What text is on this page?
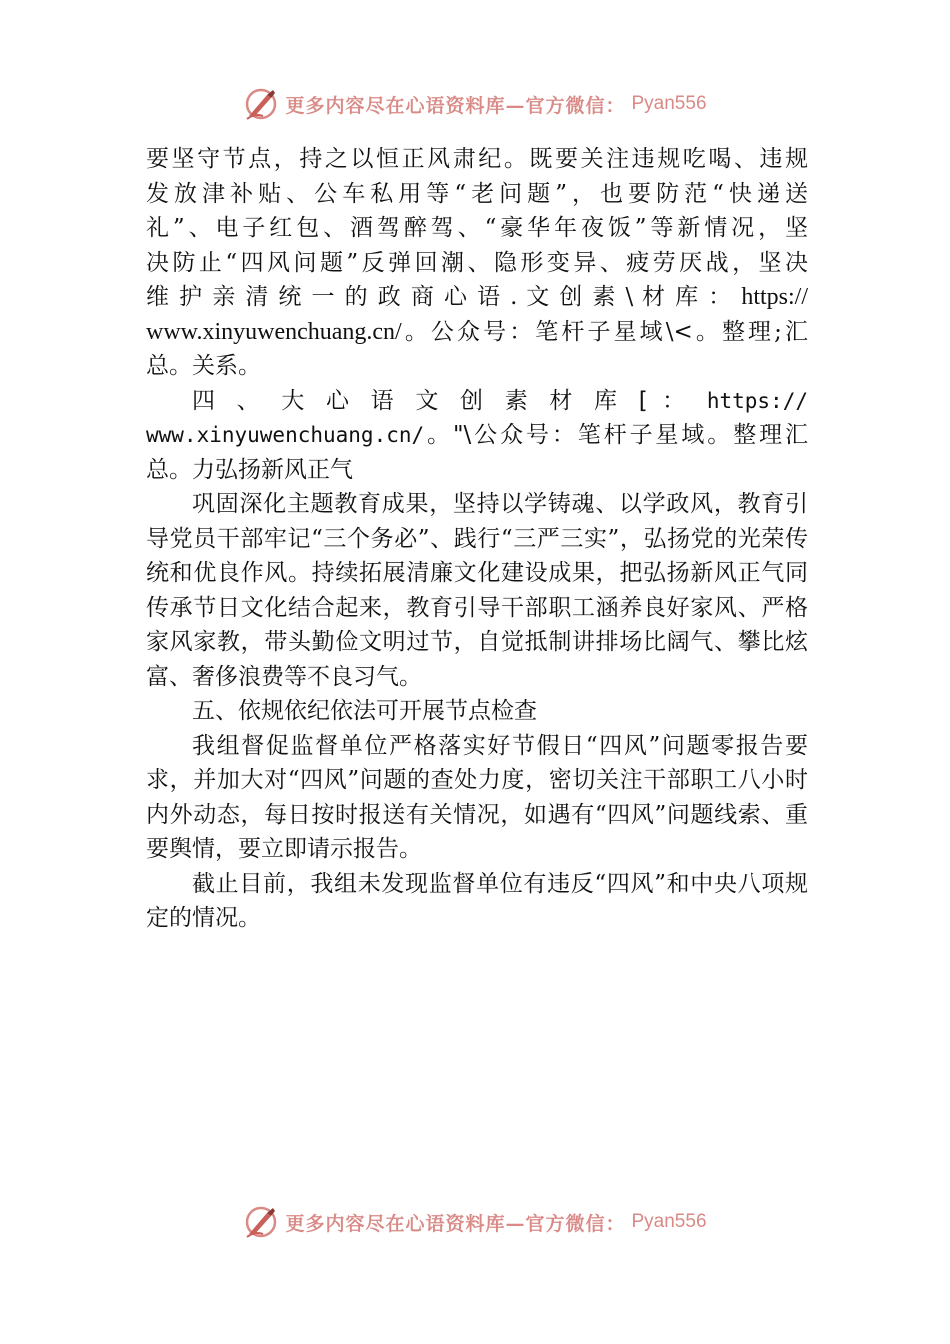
更多内容尽在心语资料库—官方微信： Pyan556

要坚守节点，持之以恒正风肃纪。既要关注违规吃喝、违规

发放津补贴、公车私用等“老问题”，也要防范“快递送

礼”、电子红包、酒驾醉驾、“豪华年夜饭”等新情况，坚

决防止“四风问题”反弹回潮、隐形变异、疲劳厌战，坚决

维 护 亲 清 统 一 的 政 商 心 语 . 文 创 素 \ 材 库 ： https://

www.xinyuwenchuang.cn/。公众号：笔杆子星域\<。整理;汇

总。关系。

四 、 大 心 语 文 创 素 材 库 [ ： https://

www.xinyuwenchuang.cn/。"\公众号：笔杆子星域。整理汇

总。力弘扬新风正气

巩固深化主题教育成果，坚持以学铸魂、以学政风，教育引导党员干部牢记“三个务必”、践行“三严三实”，弘扬党的光荣传统和优良作风。持续拓展清廉文化建设成果，把弘扬新风正气同传承节日文化结合起来，教育引导干部职工涵养良好家风、严格家风家教，带头勤俭文明过节，自觉抵制讲排场比阔气、攀比炫富、奢侈浪费等不良习气。

五、依规依纪依法可开展节点检查

我组督促监督单位严格落实好节假日“四风”问题零报告要求，并加大对“四风”问题的查处力度，密切关注干部职工八小时内外动态，每日按时报送有关情况，如遇有“四风”问题线索、重要舆情，要立即请示报告。

截止目前，我组未发现监督单位有违反“四风”和中央八项规定的情况。

更多内容尽在心语资料库—官方微信： Pyan556
